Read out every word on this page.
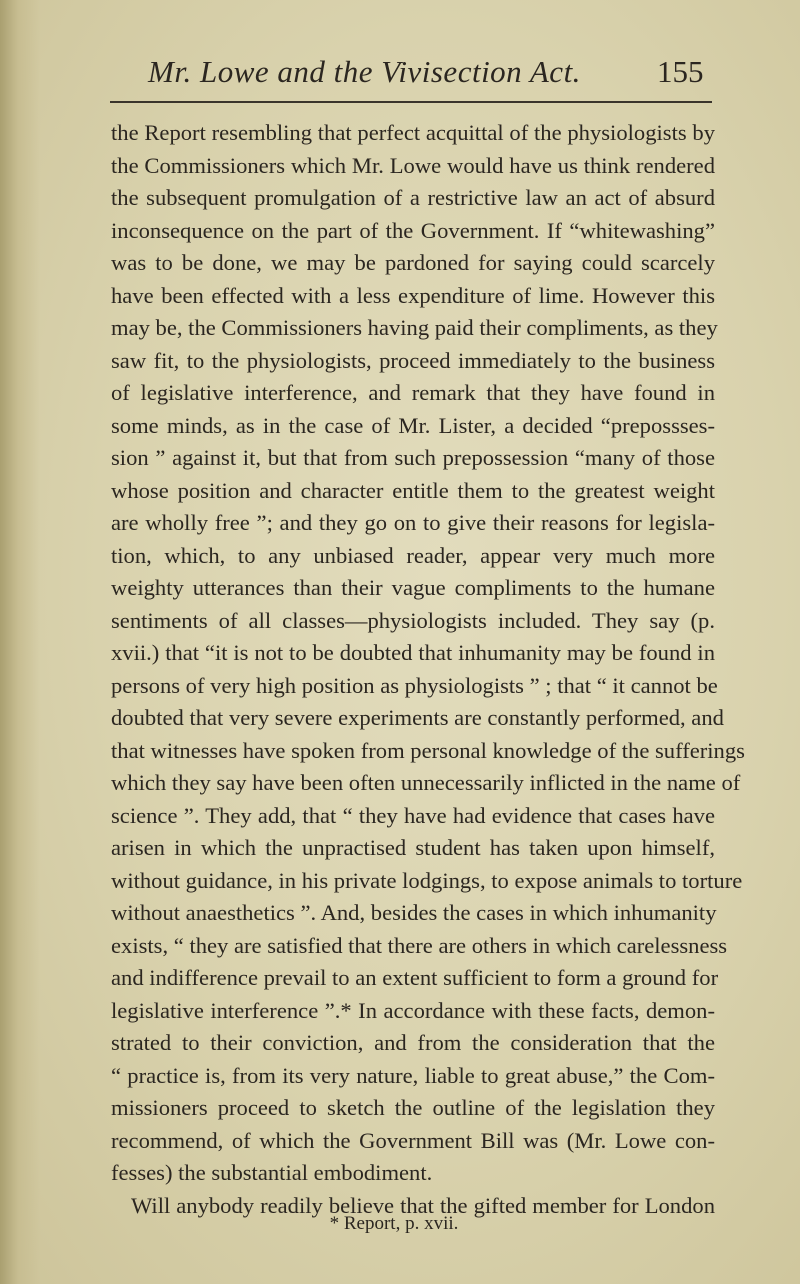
Mr. Lowe and the Vivisection Act. 155
the Report resembling that perfect acquittal of the physiologists by
the Commissioners which Mr. Lowe would have us think rendered
the subsequent promulgation of a restrictive law an act of absurd
inconsequence on the part of the Government. If “whitewashing”
was to be done, we may be pardoned for saying could scarcely
have been effected with a less expenditure of lime. However this
may be, the Commissioners having paid their compliments, as they
saw fit, to the physiologists, proceed immediately to the business
of legislative interference, and remark that they have found in
some minds, as in the case of Mr. Lister, a decided “prepossses-
sion ” against it, but that from such prepossession “many of those
whose position and character entitle them to the greatest weight
are wholly free ”; and they go on to give their reasons for legisla-
tion, which, to any unbiased reader, appear very much more
weighty utterances than their vague compliments to the humane
sentiments of all classes—physiologists included. They say (p.
xvii.) that “it is not to be doubted that inhumanity may be found in
persons of very high position as physiologists ” ; that “ it cannot be
doubted that very severe experiments are constantly performed, and
that witnesses have spoken from personal knowledge of the sufferings
which they say have been often unnecessarily inflicted in the name of
science ”. They add, that “ they have had evidence that cases have
arisen in which the unpractised student has taken upon himself,
without guidance, in his private lodgings, to expose animals to torture
without anaesthetics ”. And, besides the cases in which inhumanity
exists, “ they are satisfied that there are others in which carelessness
and indifference prevail to an extent sufficient to form a ground for
legislative interference ”.* In accordance with these facts, demon-
strated to their conviction, and from the consideration that the
“ practice is, from its very nature, liable to great abuse,” the Com-
missioners proceed to sketch the outline of the legislation they
recommend, of which the Government Bill was (Mr. Lowe con-
fesses) the substantial embodiment.
Will anybody readily believe that the gifted member for London
* Report, p. xvii.
